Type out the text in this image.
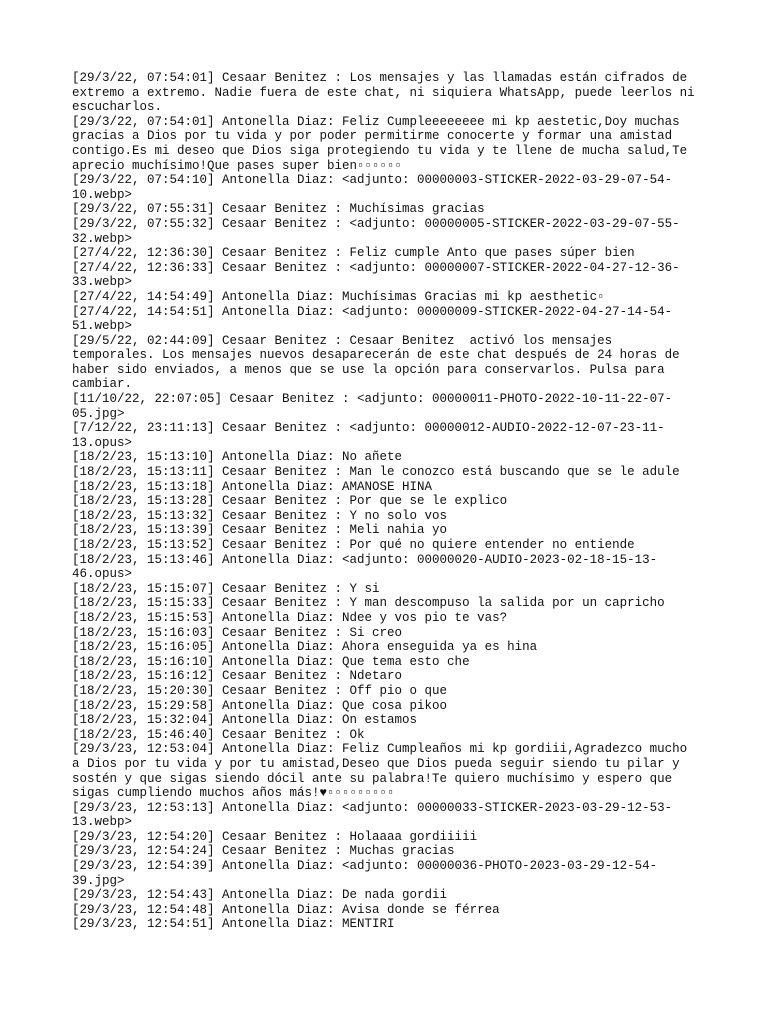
[29/3/22, 07:54:01] Cesaar Benitez : Los mensajes y las llamadas están cifrados de
extremo a extremo. Nadie fuera de este chat, ni siquiera WhatsApp, puede leerlos ni
escucharlos.
[29/3/22, 07:54:01] Antonella Diaz: Feliz Cumpleeeeeeee mi kp aestetic,Doy muchas
gracias a Dios por tu vida y por poder permitirme conocerte y formar una amistad
contigo.Es mi deseo que Dios siga protegiendo tu vida y te llene de mucha salud,Te
aprecio muchísimo!Que pases super bien▫▫▫▫▫▫
[29/3/22, 07:54:10] Antonella Diaz: <adjunto: 00000003-STICKER-2022-03-29-07-54-
10.webp>
[29/3/22, 07:55:31] Cesaar Benitez : Muchísimas gracias
[29/3/22, 07:55:32] Cesaar Benitez : <adjunto: 00000005-STICKER-2022-03-29-07-55-
32.webp>
[27/4/22, 12:36:30] Cesaar Benitez : Feliz cumple Anto que pases súper bien
[27/4/22, 12:36:33] Cesaar Benitez : <adjunto: 00000007-STICKER-2022-04-27-12-36-
33.webp>
[27/4/22, 14:54:49] Antonella Diaz: Muchísimas Gracias mi kp aesthetic▫
[27/4/22, 14:54:51] Antonella Diaz: <adjunto: 00000009-STICKER-2022-04-27-14-54-
51.webp>
[29/5/22, 02:44:09] Cesaar Benitez : Cesaar Benitez  activó los mensajes
temporales. Los mensajes nuevos desaparecerán de este chat después de 24 horas de
haber sido enviados, a menos que se use la opción para conservarlos. Pulsa para
cambiar.
[11/10/22, 22:07:05] Cesaar Benitez : <adjunto: 00000011-PHOTO-2022-10-11-22-07-
05.jpg>
[7/12/22, 23:11:13] Cesaar Benitez : <adjunto: 00000012-AUDIO-2022-12-07-23-11-
13.opus>
[18/2/23, 15:13:10] Antonella Diaz: No añete
[18/2/23, 15:13:11] Cesaar Benitez : Man le conozco está buscando que se le adule
[18/2/23, 15:13:18] Antonella Diaz: AMANOSE HINA
[18/2/23, 15:13:28] Cesaar Benitez : Por que se le explico
[18/2/23, 15:13:32] Cesaar Benitez : Y no solo vos
[18/2/23, 15:13:39] Cesaar Benitez : Meli nahia yo
[18/2/23, 15:13:52] Cesaar Benitez : Por qué no quiere entender no entiende
[18/2/23, 15:13:46] Antonella Diaz: <adjunto: 00000020-AUDIO-2023-02-18-15-13-
46.opus>
[18/2/23, 15:15:07] Cesaar Benitez : Y si
[18/2/23, 15:15:33] Cesaar Benitez : Y man descompuso la salida por un capricho
[18/2/23, 15:15:53] Antonella Diaz: Ndee y vos pio te vas?
[18/2/23, 15:16:03] Cesaar Benitez : Si creo
[18/2/23, 15:16:05] Antonella Diaz: Ahora enseguida ya es hina
[18/2/23, 15:16:10] Antonella Diaz: Que tema esto che
[18/2/23, 15:16:12] Cesaar Benitez : Ndetaro
[18/2/23, 15:20:30] Cesaar Benitez : Off pio o que
[18/2/23, 15:29:58] Antonella Diaz: Que cosa pikoo
[18/2/23, 15:32:04] Antonella Diaz: On estamos
[18/2/23, 15:46:40] Cesaar Benitez : Ok
[29/3/23, 12:53:04] Antonella Diaz: Feliz Cumpleaños mi kp gordiii,Agradezco mucho
a Dios por tu vida y por tu amistad,Deseo que Dios pueda seguir siendo tu pilar y
sostén y que sigas siendo dócil ante su palabra!Te quiero muchísimo y espero que
sigas cumpliendo muchos años más!♥▫▫▫▫▫▫▫▫▫
[29/3/23, 12:53:13] Antonella Diaz: <adjunto: 00000033-STICKER-2023-03-29-12-53-
13.webp>
[29/3/23, 12:54:20] Cesaar Benitez : Holaaaa gordiiiii
[29/3/23, 12:54:24] Cesaar Benitez : Muchas gracias
[29/3/23, 12:54:39] Antonella Diaz: <adjunto: 00000036-PHOTO-2023-03-29-12-54-
39.jpg>
[29/3/23, 12:54:43] Antonella Diaz: De nada gordii
[29/3/23, 12:54:48] Antonella Diaz: Avisa donde se férrea
[29/3/23, 12:54:51] Antonella Diaz: MENTIRI
